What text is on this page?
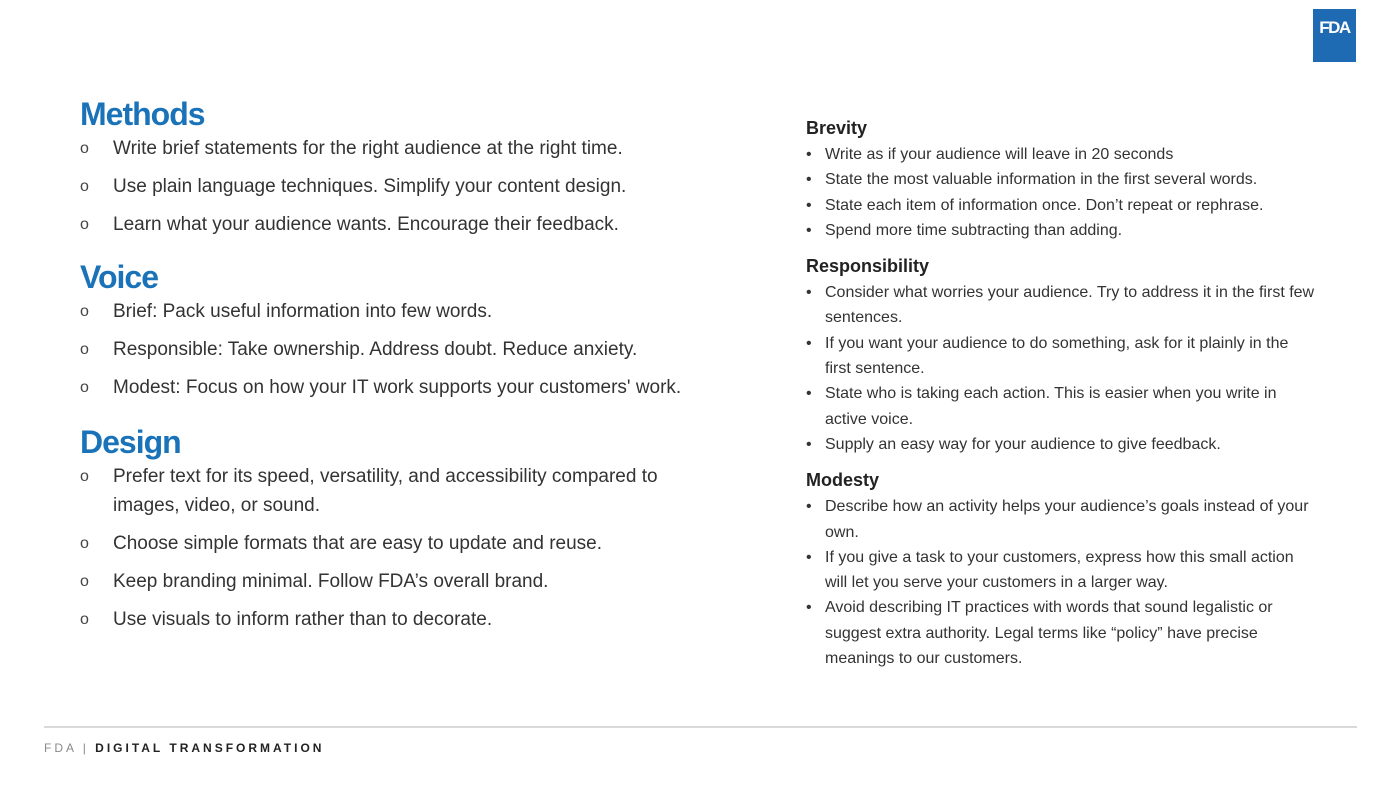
FDA
Methods
o Write brief statements for the right audience at the right time.
o Use plain language techniques. Simplify your content design.
o Learn what your audience wants. Encourage their feedback.
Voice
o Brief: Pack useful information into few words.
o Responsible: Take ownership. Address doubt. Reduce anxiety.
o Modest: Focus on how your IT work supports your customers' work.
Design
o Prefer text for its speed, versatility, and accessibility compared to images, video, or sound.
o Choose simple formats that are easy to update and reuse.
o Keep branding minimal. Follow FDA’s overall brand.
o Use visuals to inform rather than to decorate.
Brevity
• Write as if your audience will leave in 20 seconds
• State the most valuable information in the first several words.
• State each item of information once. Don’t repeat or rephrase.
• Spend more time subtracting than adding.
Responsibility
• Consider what worries your audience. Try to address it in the first few sentences.
• If you want your audience to do something, ask for it plainly in the first sentence.
• State who is taking each action. This is easier when you write in active voice.
• Supply an easy way for your audience to give feedback.
Modesty
• Describe how an activity helps your audience’s goals instead of your own.
• If you give a task to your customers, express how this small action will let you serve your customers in a larger way.
• Avoid describing IT practices with words that sound legalistic or suggest extra authority. Legal terms like “policy” have precise meanings to our customers.
FDA | DIGITAL TRANSFORMATION
